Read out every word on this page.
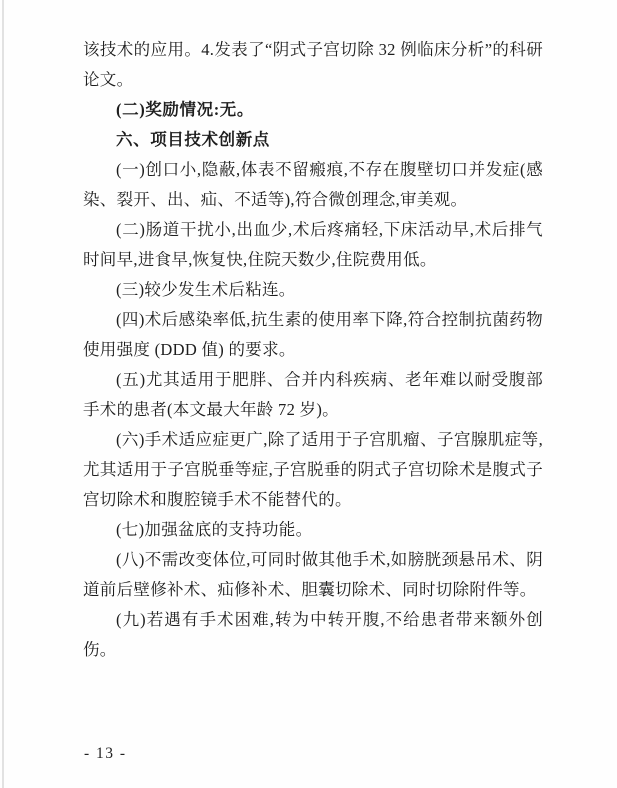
该技术的应用。4.发表了“阴式子宫切除 32 例临床分析”的科研论文。

(二)奖励情况:无。

六、项目技术创新点

(一)创口小,隐蔽,体表不留瘢痕,不存在腹壁切口并发症(感染、裂开、出、疝、不适等),符合微创理念,审美观。

(二)肠道干扰小,出血少,术后疼痛轻,下床活动早,术后排气时间早,进食早,恢复快,住院天数少,住院费用低。

(三)较少发生术后粘连。

(四)术后感染率低,抗生素的使用率下降,符合控制抗菌药物使用强度 (DDD 值) 的要求。

(五)尤其适用于肥胖、合并内科疾病、老年难以耐受腹部手术的患者(本文最大年龄 72 岁)。

(六)手术适应症更广,除了适用于子宫肌瘤、子宫腺肌症等,尤其适用于子宫脱垂等症,子宫脱垂的阴式子宫切除术是腹式子宫切除术和腹腔镜手术不能替代的。

(七)加强盆底的支持功能。

(八)不需改变体位,可同时做其他手术,如膀胱颈悬吊术、阴道前后壁修补术、疝修补术、胆囊切除术、同时切除附件等。

(九)若遇有手术困难,转为中转开腹,不给患者带来额外创伤。

- 13 -
